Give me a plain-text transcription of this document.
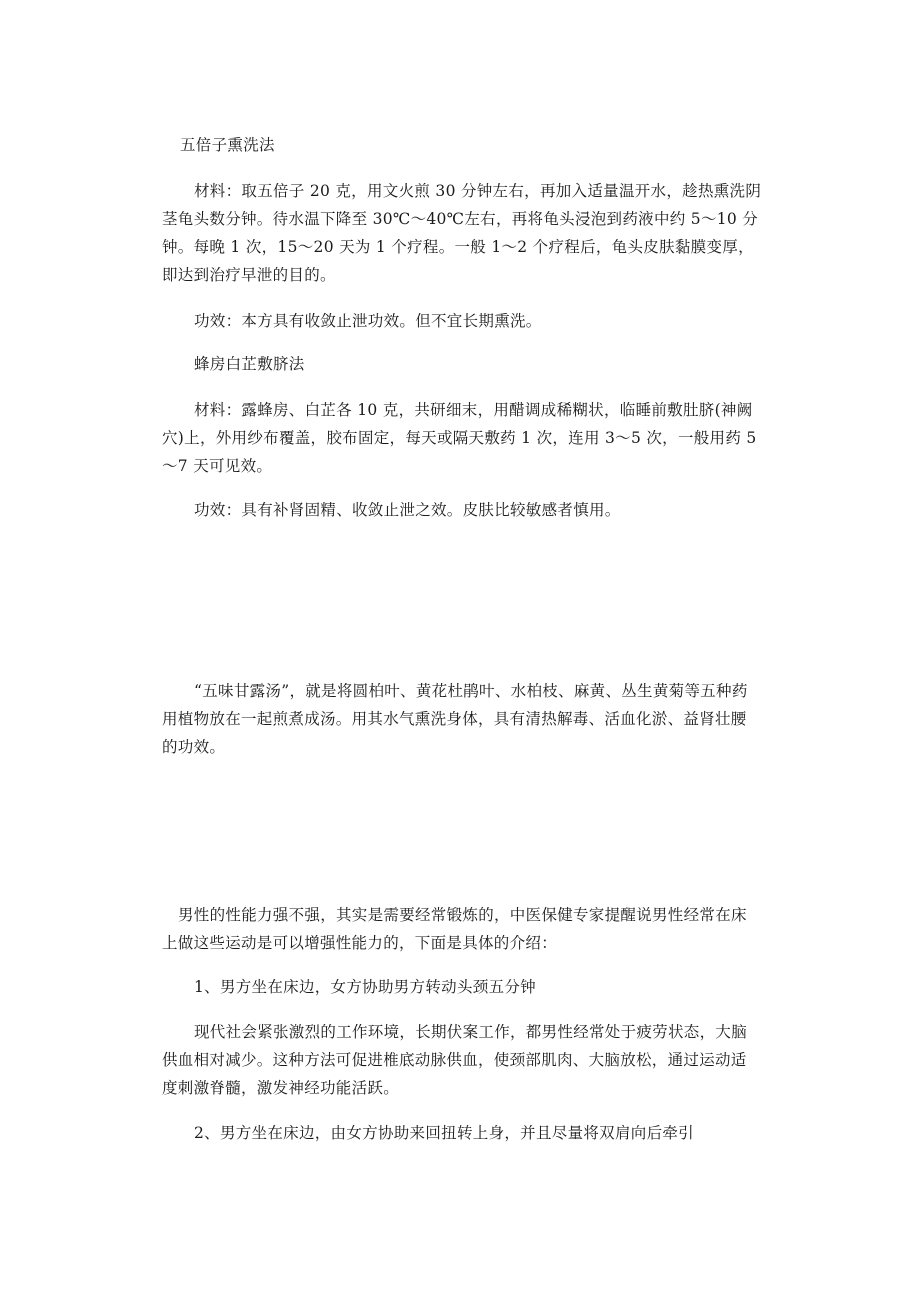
五倍子熏洗法

材料：取五倍子 20 克，用文火煎 30 分钟左右，再加入适量温开水，趁热熏洗阴茎龟头数分钟。待水温下降至 30℃～40℃左右，再将龟头浸泡到药液中约 5～10 分钟。每晚 1 次，15～20 天为 1 个疗程。一般 1～2 个疗程后，龟头皮肤黏膜变厚，即达到治疗早泄的目的。

功效：本方具有收敛止泄功效。但不宜长期熏洗。

蜂房白芷敷脐法

材料：露蜂房、白芷各 10 克，共研细末，用醋调成稀糊状，临睡前敷肚脐(神阙穴)上，外用纱布覆盖，胶布固定，每天或隔天敷药 1 次，连用 3～5 次，一般用药 5～7 天可见效。

功效：具有补肾固精、收敛止泄之效。皮肤比较敏感者慎用。

“五味甘露汤”，就是将圆柏叶、黄花杜鹃叶、水柏枝、麻黄、丛生黄菊等五种药用植物放在一起煎煮成汤。用其水气熏洗身体，具有清热解毒、活血化淤、益肾壮腰的功效。

男性的性能力强不强，其实是需要经常锻炼的，中医保健专家提醒说男性经常在床上做这些运动是可以增强性能力的，下面是具体的介绍：

1、男方坐在床边，女方协助男方转动头颈五分钟

现代社会紧张激烈的工作环境，长期伏案工作，都男性经常处于疲劳状态，大脑供血相对减少。这种方法可促进椎底动脉供血，使颈部肌肉、大脑放松，通过运动适度刺激脊髓，激发神经功能活跃。

2、男方坐在床边，由女方协助来回扭转上身，并且尽量将双肩向后牵引
